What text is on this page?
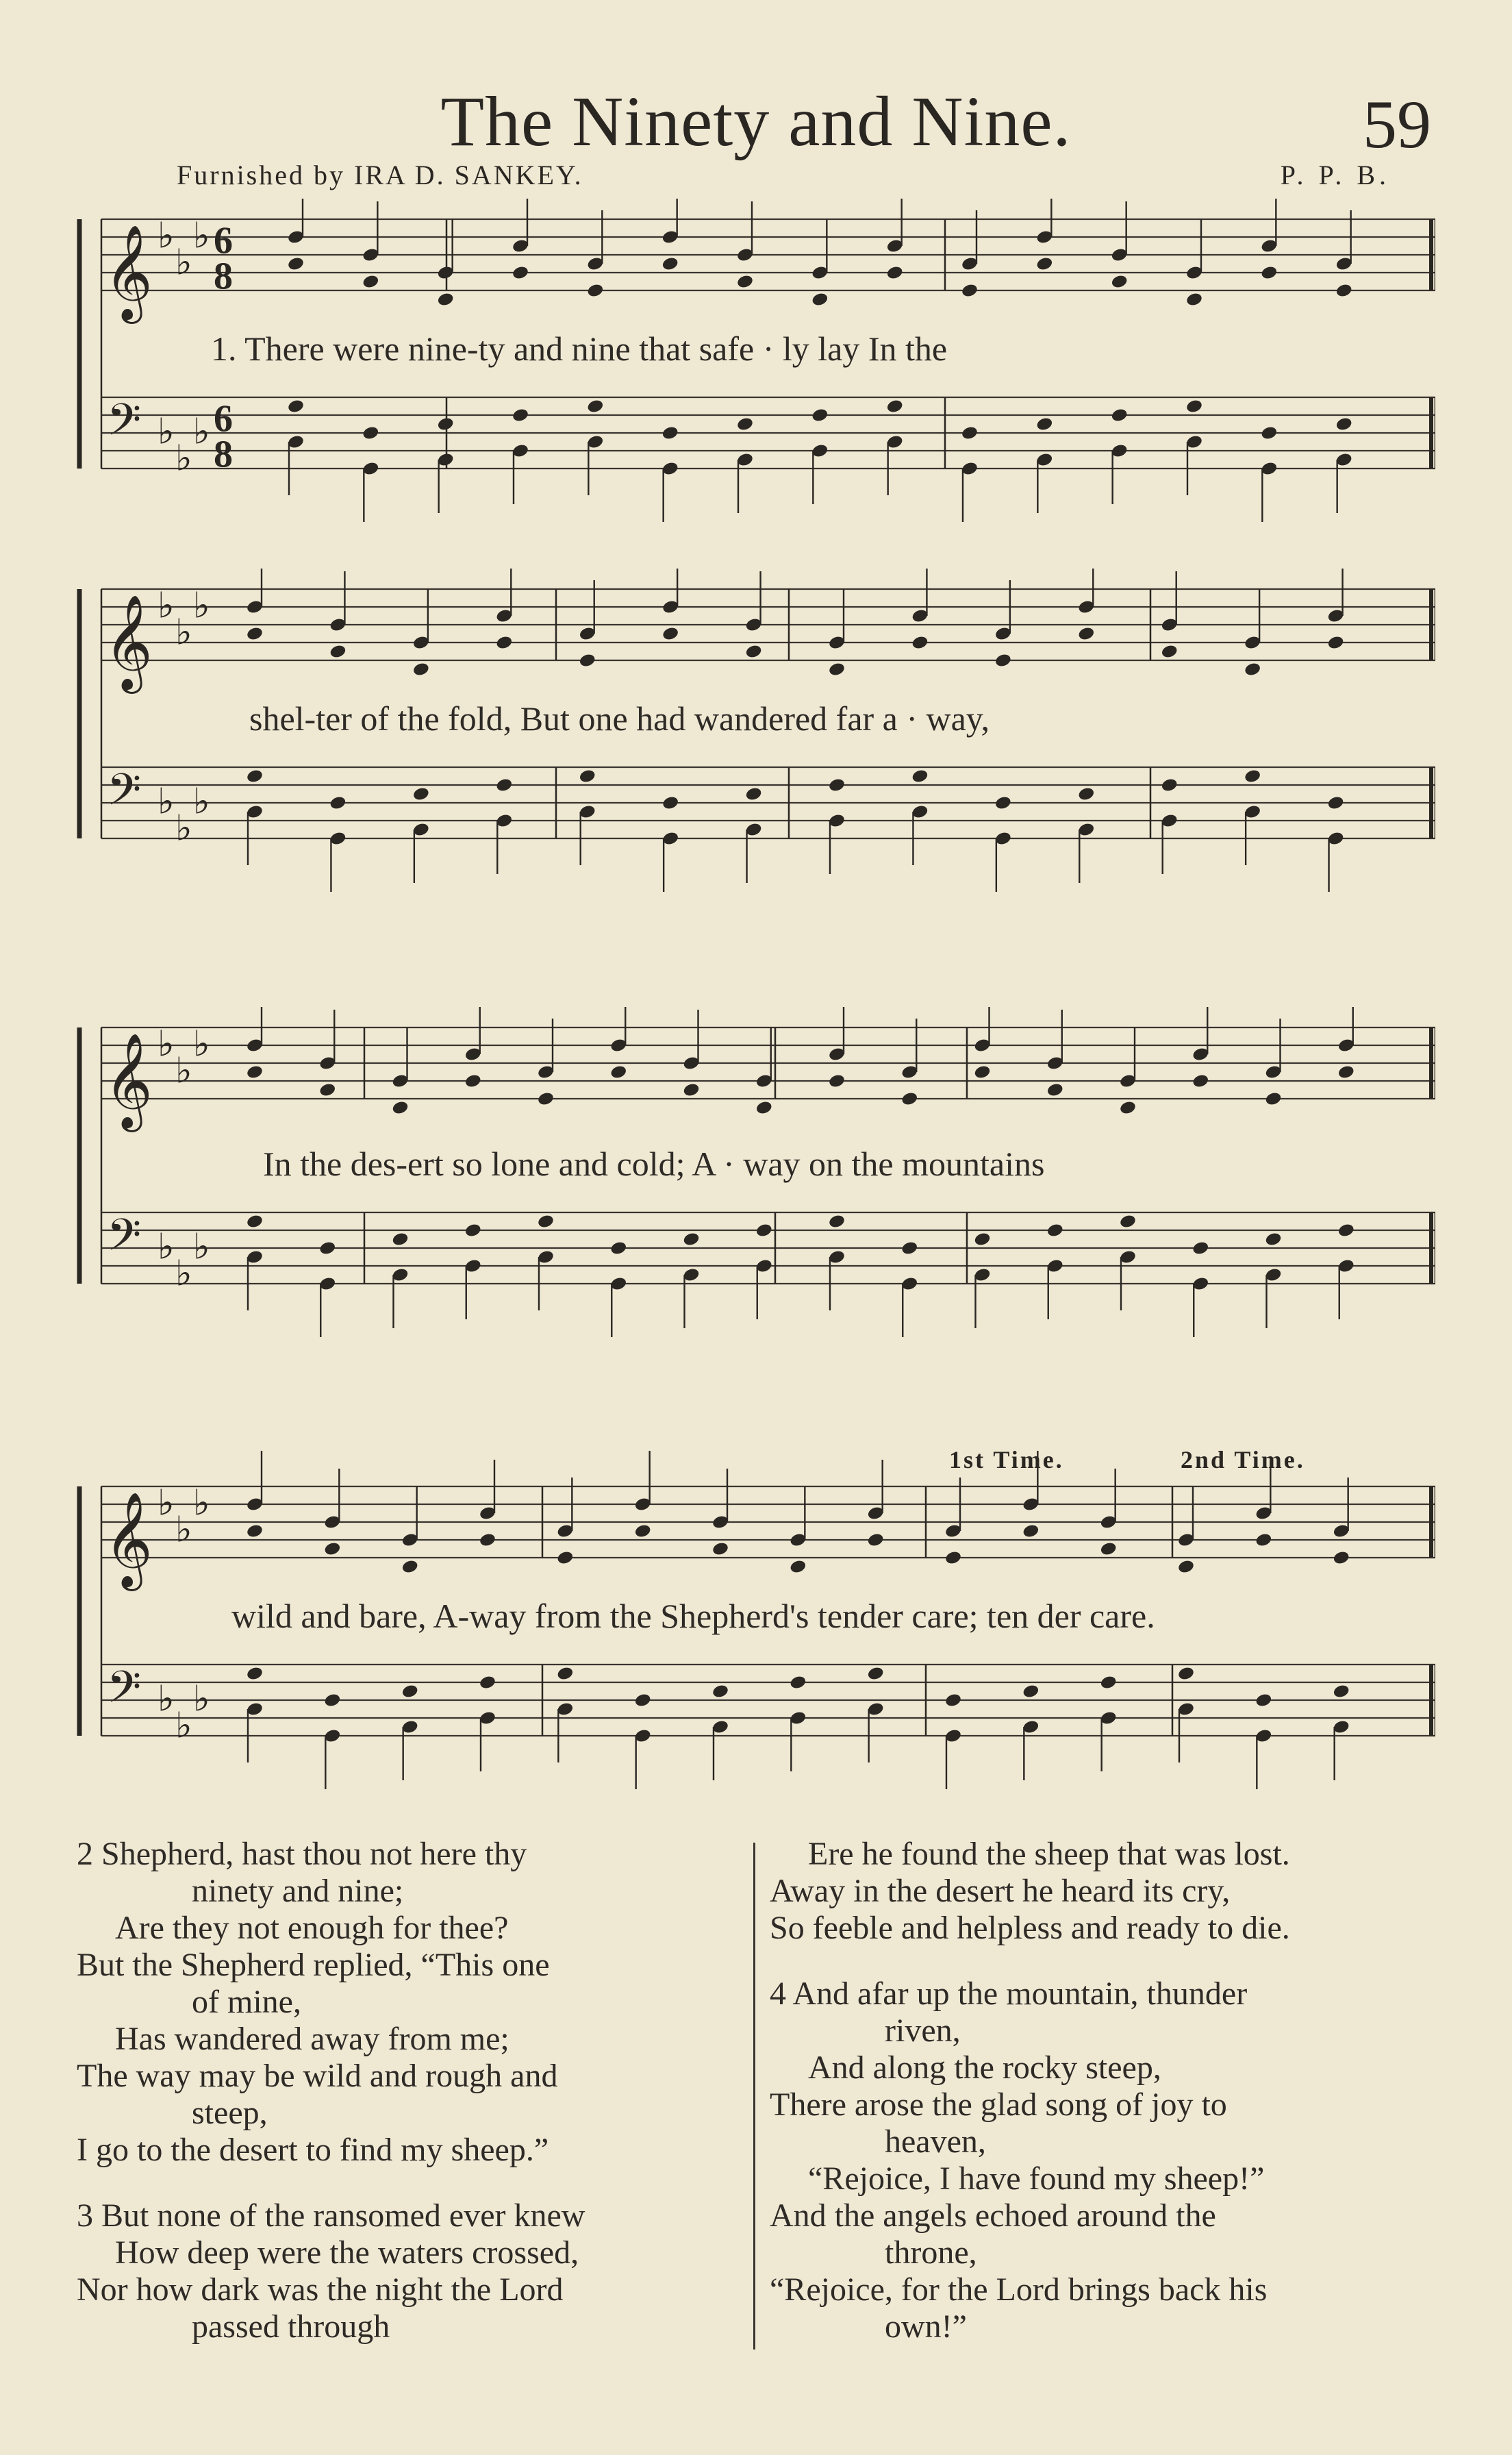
The Ninety and Nine.	59
Furnished by IRA D. SANKEY.	P. P. B.
𝄞
𝄢
♭
♭
♭
♭
♭
♭
6
8
6
8
1. There were nine-ty and nine that safe · ly lay In the
𝄞
𝄢
♭
♭
♭
♭
♭
♭
shel-ter of the fold, But one had wandered far a · way,
𝄞
𝄢
♭
♭
♭
♭
♭
♭
In the des-ert so lone and cold; A · way on the mountains
𝄞
𝄢
♭
♭
♭
♭
♭
♭
1st Time.	2nd Time.
wild and bare, A-way from the Shepherd's tender care; ten der care.
2 Shepherd, hast thou not here thy
ninety and nine;
Are they not enough for thee?
But the Shepherd replied, “This one
of mine,
Has wandered away from me;
The way may be wild and rough and
steep,
I go to the desert to find my sheep.”
3 But none of the ransomed ever knew
How deep were the waters crossed,
Nor how dark was the night the Lord
passed through
Ere he found the sheep that was lost.
Away in the desert he heard its cry,
So feeble and helpless and ready to die.
4 And afar up the mountain, thunder
riven,
And along the rocky steep,
There arose the glad song of joy to
heaven,
“Rejoice, I have found my sheep!”
And the angels echoed around the
throne,
“Rejoice, for the Lord brings back his
own!”
